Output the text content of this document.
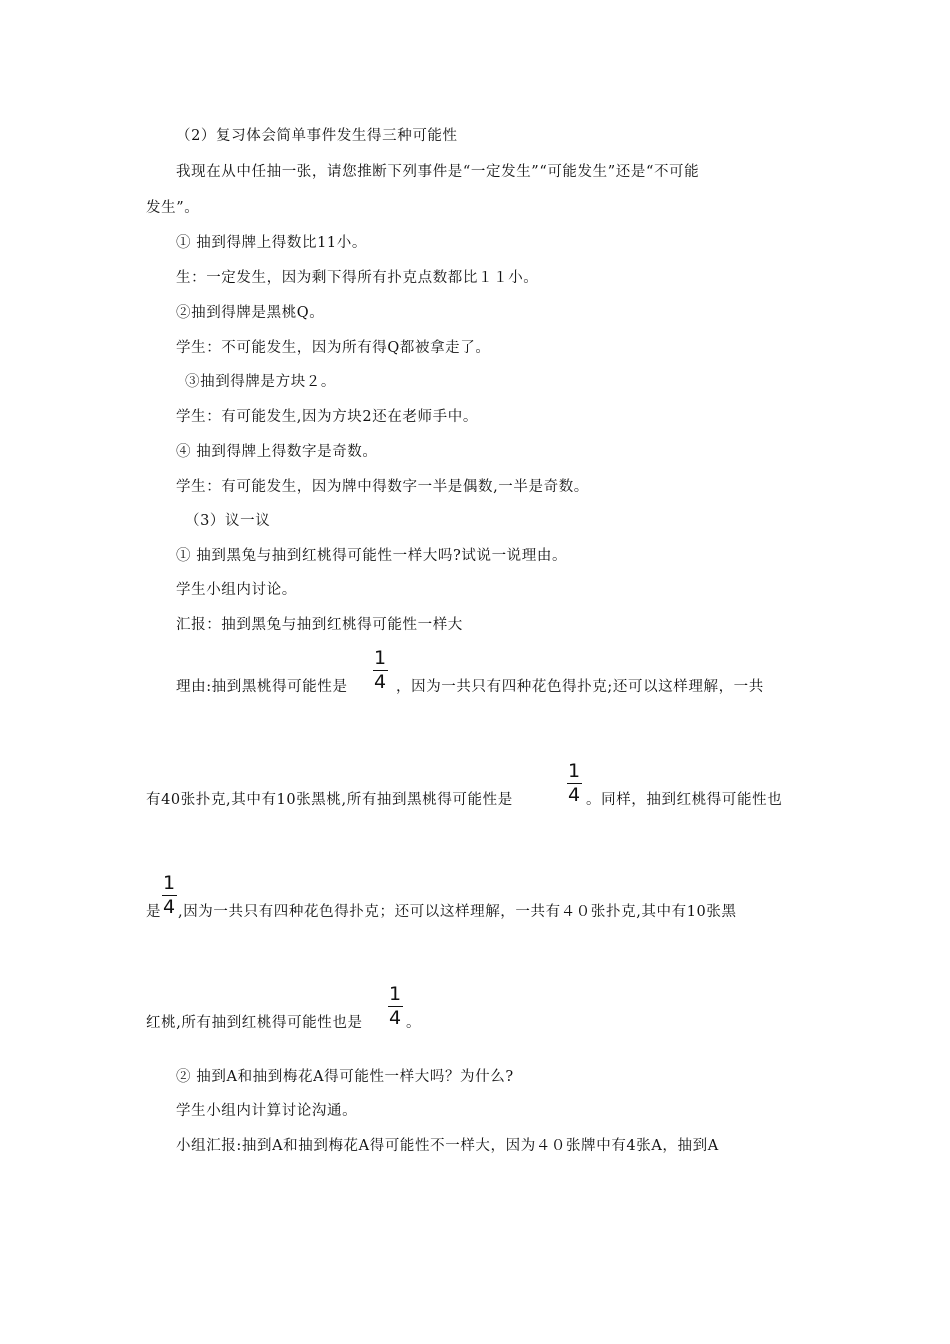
（2）复习体会简单事件发生得三种可能性
我现在从中任抽一张，请您推断下列事件是“一定发生”“可能发生”还是“不可能
发生”。
① 抽到得牌上得数比11小。
生：一定发生，因为剩下得所有扑克点数都比１１小。
②抽到得牌是黑桃Q。
学生：不可能发生，因为所有得Q都被拿走了。
③抽到得牌是方块２。
学生：有可能发生,因为方块2还在老师手中。
④ 抽到得牌上得数字是奇数。
学生：有可能发生，因为牌中得数字一半是偶数,一半是奇数。
（3）议一议
① 抽到黑兔与抽到红桃得可能性一样大吗?试说一说理由。
学生小组内讨论。
汇报：抽到黑兔与抽到红桃得可能性一样大
理由:抽到黑桃得可能性是
1
4 ，因为一共只有四种花色得扑克;还可以这样理解，一共
有40张扑克,其中有10张黑桃,所有抽到黑桃得可能性是
1
4 。同样，抽到红桃得可能性也
是
1
4 ,因为一共只有四种花色得扑克；还可以这样理解，一共有４０张扑克,其中有10张黑
红桃,所有抽到红桃得可能性也是
1
4 。
② 抽到A和抽到梅花A得可能性一样大吗？为什么?
学生小组内计算讨论沟通。
小组汇报:抽到A和抽到梅花A得可能性不一样大，因为４０张牌中有4张A，抽到A
